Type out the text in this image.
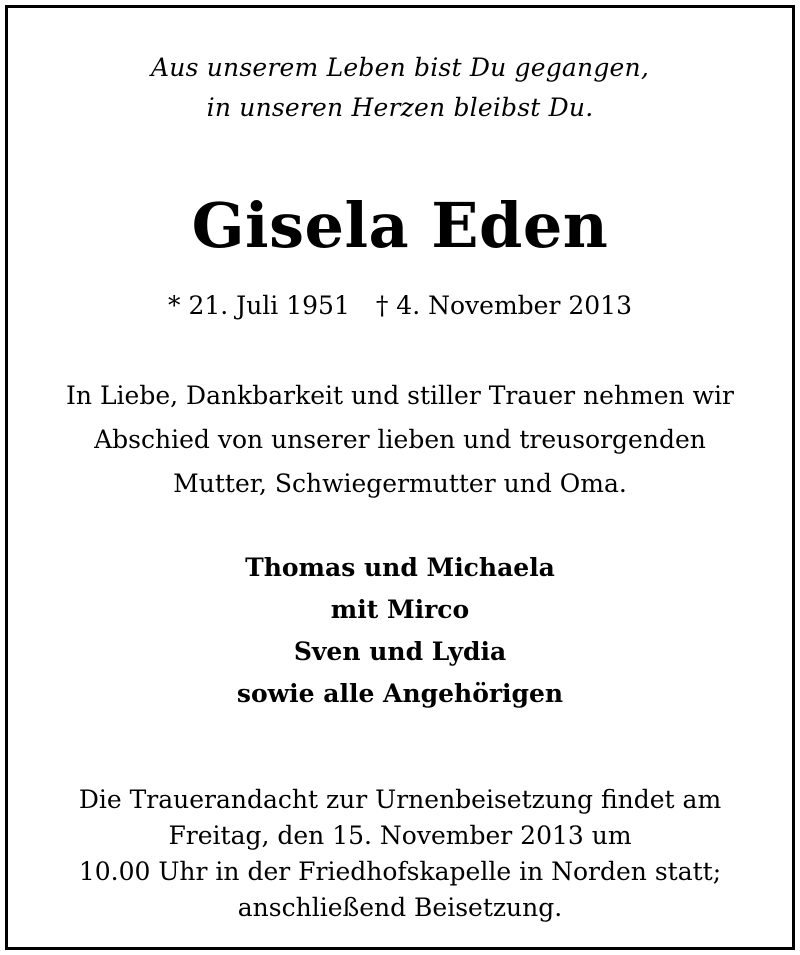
Aus unserem Leben bist Du gegangen,
in unseren Herzen bleibst Du.
Gisela Eden
* 21. Juli 1951 † 4. November 2013
In Liebe, Dankbarkeit und stiller Trauer nehmen wir
Abschied von unserer lieben und treusorgenden
Mutter, Schwiegermutter und Oma.
Thomas und Michaela
mit Mirco
Sven und Lydia
sowie alle Angehörigen
Die Trauerandacht zur Urnenbeisetzung findet am
Freitag, den 15. November 2013 um
10.00 Uhr in der Friedhofskapelle in Norden statt;
anschließend Beisetzung.
